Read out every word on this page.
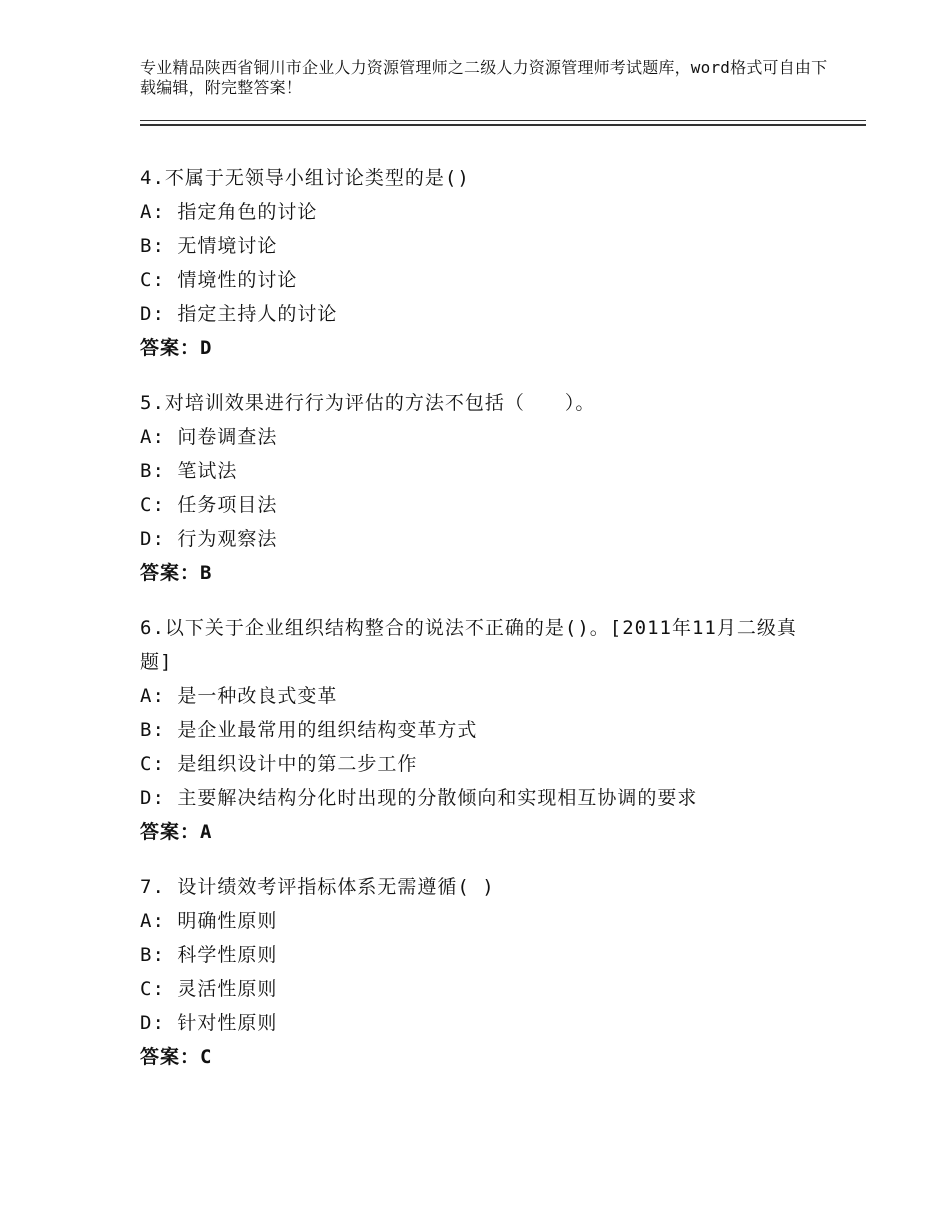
专业精品陕西省铜川市企业人力资源管理师之二级人力资源管理师考试题库，word格式可自由下载编辑，附完整答案！
4.不属于无领导小组讨论类型的是()
A: 指定角色的讨论
B: 无情境讨论
C: 情境性的讨论
D: 指定主持人的讨论
答案：D
5.对培训效果进行行为评估的方法不包括（　　）。
A: 问卷调查法
B: 笔试法
C: 任务项目法
D: 行为观察法
答案：B
6.以下关于企业组织结构整合的说法不正确的是()。[2011年11月二级真题]
A: 是一种改良式变革
B: 是企业最常用的组织结构变革方式
C: 是组织设计中的第二步工作
D: 主要解决结构分化时出现的分散倾向和实现相互协调的要求
答案：A
7. 设计绩效考评指标体系无需遵循( )
A: 明确性原则
B: 科学性原则
C: 灵活性原则
D: 针对性原则
答案：C
